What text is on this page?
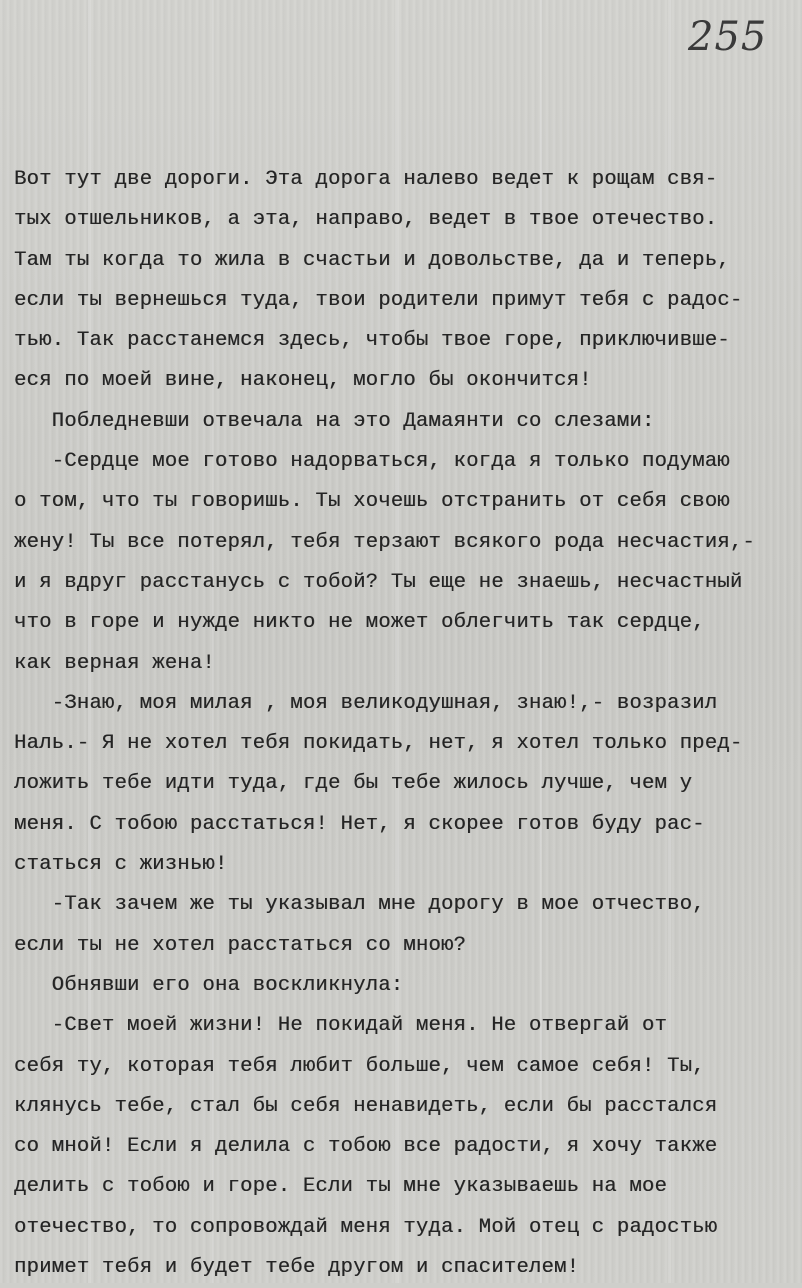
255
Вот тут две дороги. Эта дорога налево ведет к рощам свя-
тых отшельников, а эта, направо, ведет в твое отечество.
Там ты когда то жила в счастьи и довольстве, да и теперь,
если ты вернешься туда, твои родители примут тебя с радос-
тью. Так расстанемся здесь, чтобы твое горе, приключивше-
еся по моей вине, наконец, могло бы окончится!
Побледневши отвечала на это Дамаянти со слезами:
-Сердце мое готово надорваться, когда я только подумаю
о том, что ты говоришь. Ты хочешь отстранить от себя свою
жену! Ты все потерял, тебя терзают всякого рода несчастия,-
и я вдруг расстанусь с тобой? Ты еще не знаешь, несчастный
что в горе и нужде никто не может облегчить так сердце,
как верная жена!
-Знаю, моя милая , моя великодушная, знаю!,- возразил
Наль.- Я не хотел тебя покидать, нет, я хотел только пред-
ложить тебе идти туда, где бы тебе жилось лучше, чем у
меня. С тобою расстаться! Нет, я скорее готов буду рас-
статься с жизнью!
-Так зачем же ты указывал мне дорогу в мое отчество,
если ты не хотел расстаться со мною?
Обнявши его она воскликнула:
-Свет моей жизни! Не покидай меня. Не отвергай от
себя ту, которая тебя любит больше, чем самое себя! Ты,
клянусь тебе, стал бы себя ненавидеть, если бы расстался
со мной! Если я делила с тобою все радости, я хочу также
делить с тобою и горе. Если ты мне указываешь на мое
отечество, то сопровождай меня туда. Мой отец с радостью
примет тебя и будет тебе другом и спасителем!
